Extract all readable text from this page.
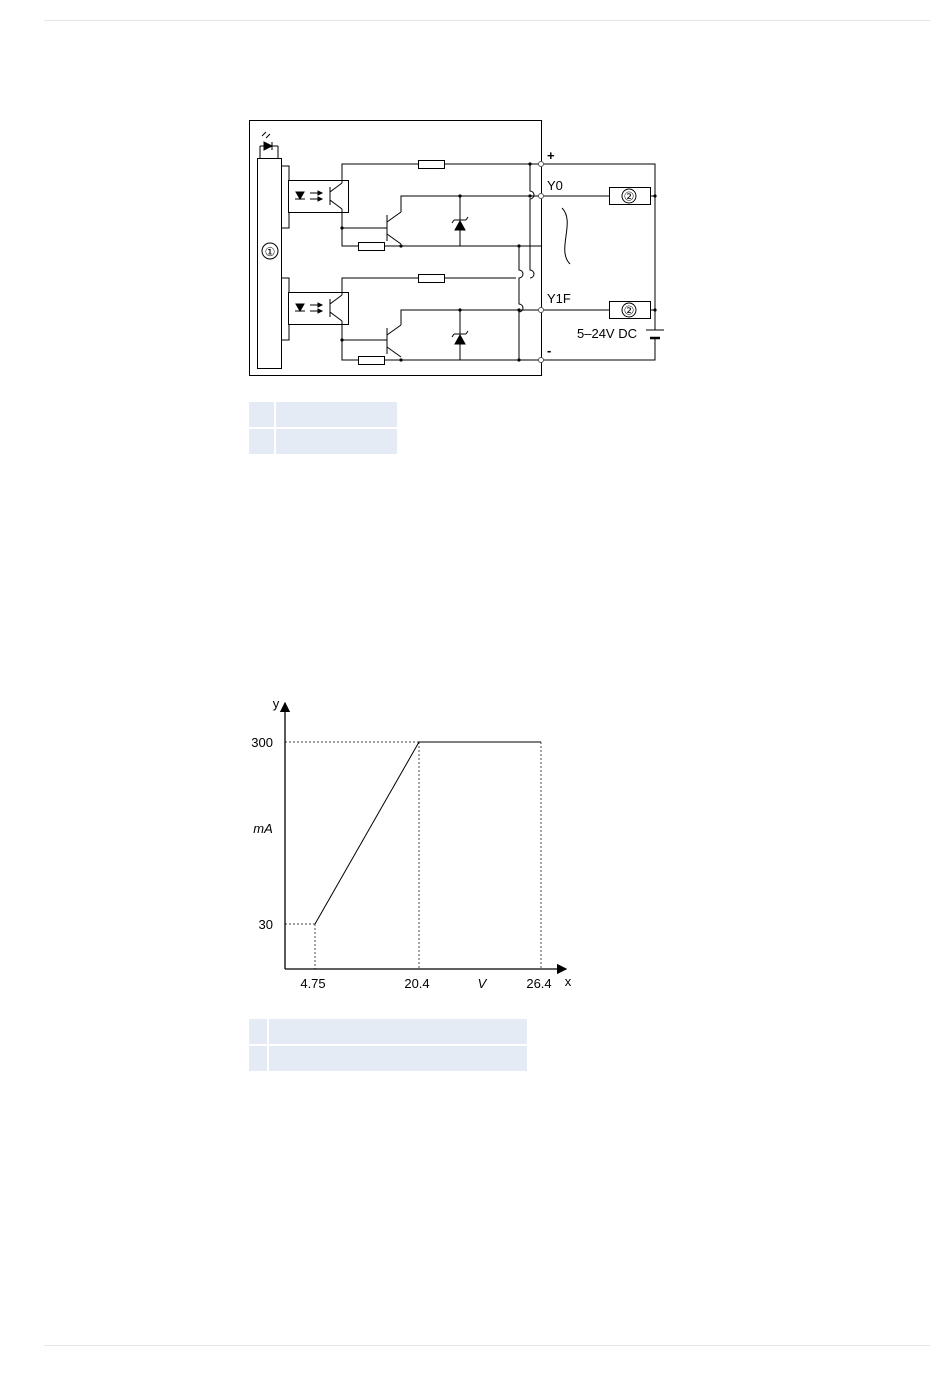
①
②
②
+
Y0
Y1F
-
5–24V DC

30
300
4.75	20.4	26.4
y
x
mA
V
